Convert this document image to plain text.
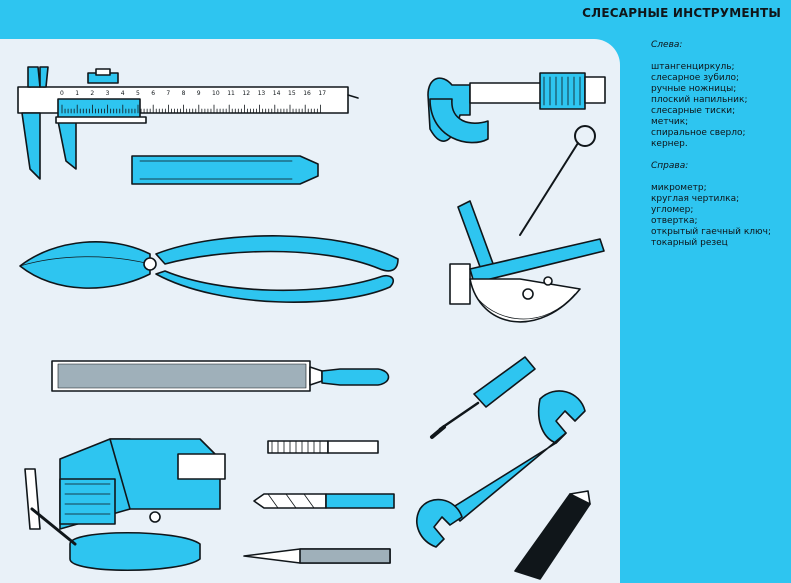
СЛЕСАРНЫЕ ИНСТРУМЕНТЫ
0 1 2 3 4 5 6 7 8 9 10 11 12 13 14 15 16 17
Слева:
штангенциркуль;
слесарное зубило;
ручные ножницы;
плоский напильник;
слесарные тиски;
метчик;
спиральное сверло;
кернер.
Справа:
микрометр;
круглая чертилка;
угломер;
отвертка;
открытый гаечный ключ;
токарный резец
